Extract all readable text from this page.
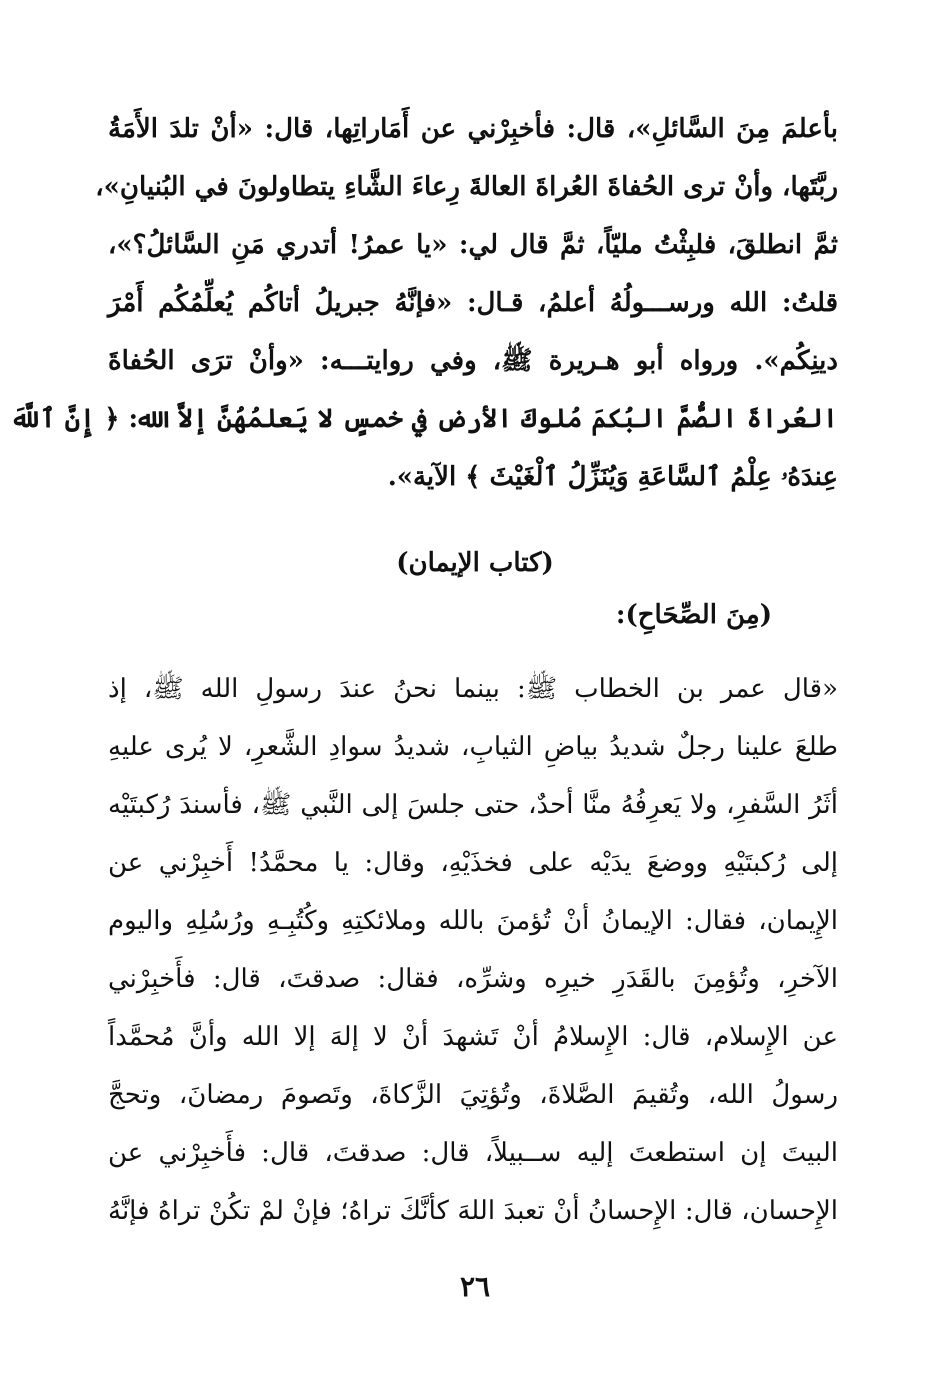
بأعلمَ مِنَ السَّائلِ»، قال: فأخبِرْني عن أَمَاراتِها، قال: «أنْ تلدَ الأَمَةُ
ربَّتَها، وأنْ ترى الحُفاةَ العُراةَ العالةَ رِعاءَ الشَّاءِ يتطاولونَ في البُنيانِ»،
ثمَّ انطلقَ، فلبِثْتُ مليّاً، ثمَّ قال لي: «يا عمرُ! أتدري مَنِ السَّائلُ؟»،
قلتُ: الله ورســـولُهُ أعلمُ، قـال: «فإنَّهُ جبريلُ أتاكُم يُعلِّمُكُم أَمْرَ
دينِكُم». ورواه أبو هـريرة ﷺ، وفي روايتـــه: «وأنْ ترَى الحُفاةَ
العُراةَ الصُّمَّ البُكمَ مُلوكَ الأرض في خمسٍ لا يَعلمُهُنَّ إلاَّ الله: ﴿ إِنَّ ٱللَّهَ
عِندَهُۥ عِلْمُ ٱلسَّاعَةِ وَيُنَزِّلُ ٱلْغَيْثَ ﴾ الآية».
(كتاب الإيمان)
(مِنَ الصِّحَاحِ):
«قال عمر بن الخطاب ﷺ: بينما نحنُ عندَ رسولِ الله ﷺ، إذ
طلعَ علينا رجلٌ شديدُ بياضِ الثيابِ، شديدُ سوادِ الشَّعرِ، لا يُرى عليهِ
أثَرُ السَّفرِ، ولا يَعرِفُهُ منَّا أحدٌ، حتى جلسَ إلى النَّبي ﷺ، فأسندَ رُكبتَيْه
إلى رُكبتَيْهِ ووضعَ يدَيْه على فخذَيْهِ، وقال: يا محمَّدُ! أَخبِرْني عن
الإِيمان، فقال: الإيمانُ أنْ تُؤمنَ بالله وملائكتِهِ وكُتُبِـهِ ورُسُلِهِ واليوم
الآخرِ، وتُؤمِنَ بالقَدَرِ خيرِه وشرِّه، فقال: صدقتَ، قال: فأَخبِرْني
عن الإِسلام، قال: الإِسلامُ أنْ تَشهدَ أنْ لا إلهَ إلا الله وأنَّ مُحمَّداً
رسولُ الله، وتُقيمَ الصَّلاةَ، وتُؤتِيَ الزَّكاةَ، وتَصومَ رمضانَ، وتحجَّ
البيتَ إن استطعتَ إليه ســبيلاً، قال: صدقتَ، قال: فأَخبِرْني عن
الإِحسان، قال: الإِحسانُ أنْ تعبدَ اللهَ كأنَّكَ تراهُ؛ فإنْ لمْ تكُنْ تراهُ فإنَّهُ
٢٦
